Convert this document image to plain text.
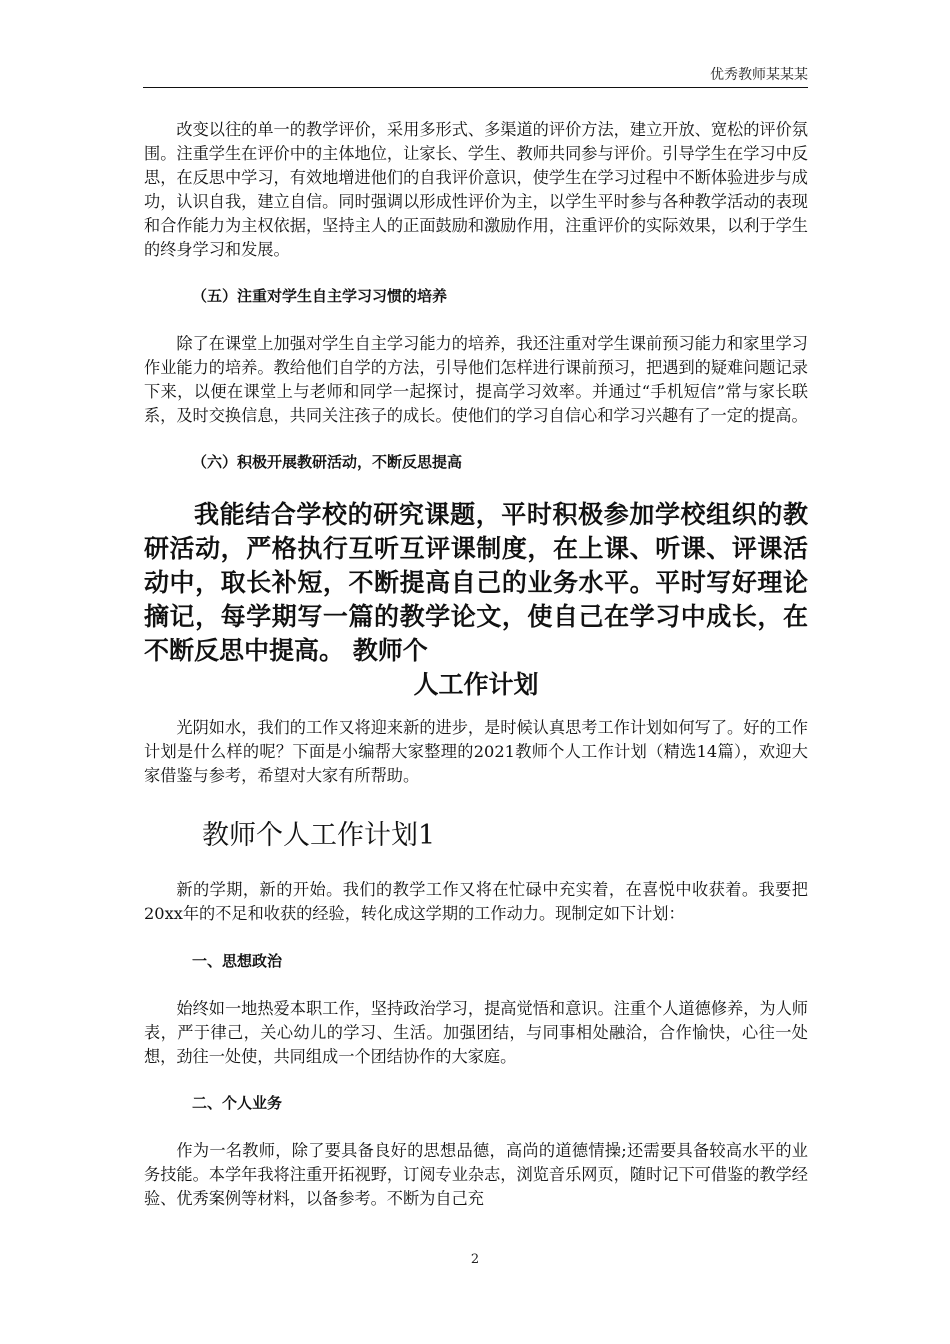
优秀教师某某某

改变以往的单一的教学评价，采用多形式、多渠道的评价方法，建立开放、宽松的评价氛围。注重学生在评价中的主体地位，让家长、学生、教师共同参与评价。引导学生在学习中反思，在反思中学习，有效地增进他们的自我评价意识，使学生在学习过程中不断体验进步与成功，认识自我，建立自信。同时强调以形成性评价为主，以学生平时参与各种教学活动的表现和合作能力为主权依据，坚持主人的正面鼓励和激励作用，注重评价的实际效果，以利于学生的终身学习和发展。

（五）注重对学生自主学习习惯的培养

除了在课堂上加强对学生自主学习能力的培养，我还注重对学生课前预习能力和家里学习作业能力的培养。教给他们自学的方法，引导他们怎样进行课前预习，把遇到的疑难问题记录下来，以便在课堂上与老师和同学一起探讨，提高学习效率。并通过“手机短信”常与家长联系，及时交换信息，共同关注孩子的成长。使他们的学习自信心和学习兴趣有了一定的提高。

（六）积极开展教研活动，不断反思提高

我能结合学校的研究课题，平时积极参加学校组织的教研活动，严格执行互听互评课制度，在上课、听课、评课活动中，取长补短，不断提高自己的业务水平。平时写好理论摘记，每学期写一篇的教学论文，使自己在学习中成长，在不断反思中提高。 教师个

人工作计划

光阴如水，我们的工作又将迎来新的进步，是时候认真思考工作计划如何写了。好的工作计划是什么样的呢？下面是小编帮大家整理的2021教师个人工作计划（精选14篇），欢迎大家借鉴与参考，希望对大家有所帮助。

教师个人工作计划1

新的学期，新的开始。我们的教学工作又将在忙碌中充实着，在喜悦中收获着。我要把20xx年的不足和收获的经验，转化成这学期的工作动力。现制定如下计划：

一、思想政治

始终如一地热爱本职工作，坚持政治学习，提高觉悟和意识。注重个人道德修养，为人师表，严于律己，关心幼儿的学习、生活。加强团结，与同事相处融洽，合作愉快，心往一处想，劲往一处使，共同组成一个团结协作的大家庭。

二、个人业务

作为一名教师，除了要具备良好的思想品德，高尚的道德情操;还需要具备较高水平的业务技能。本学年我将注重开拓视野，订阅专业杂志，浏览音乐网页，随时记下可借鉴的教学经验、优秀案例等材料，以备参考。不断为自己充

2
